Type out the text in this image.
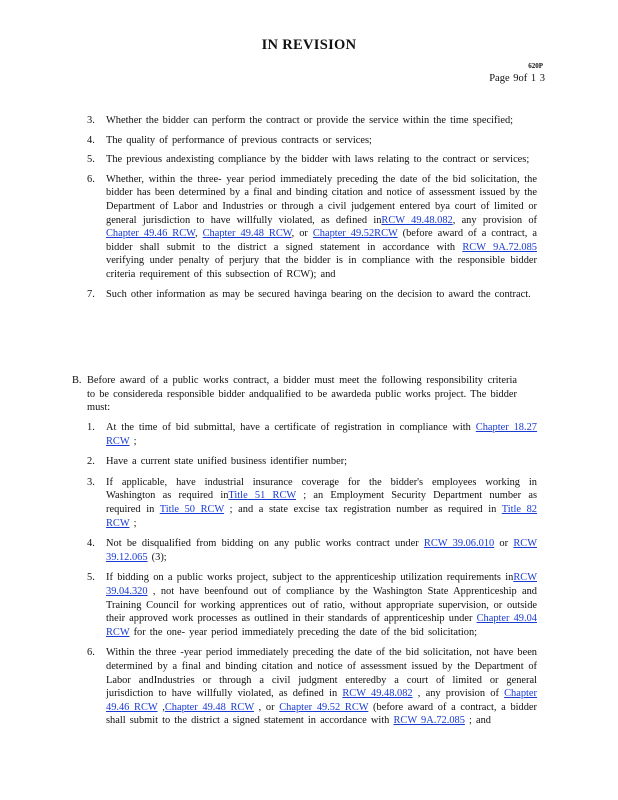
IN REVISION
620P
Page 9of 1 3
3.	Whether the bidder can perform the contract or provide the service within the time specified;
4.	The quality of performance of previous contracts or services;
5.	The previous andexisting compliance by the bidder with laws relating to the contract or services;
6.	Whether, within the three- year period immediately preceding the date of the bid solicitation, the bidder has been determined by a final and binding citation and notice of assessment issued by the Department of Labor and Industries or through a civil judgement entered bya court of limited or general jurisdiction to have willfully violated, as defined inRCW 49.48.082, any provision of Chapter 49.46 RCW, Chapter 49.48 RCW, or Chapter 49.52RCW (before award of a contract, a bidder shall submit to the district a signed statement in accordance with RCW 9A.72.085 verifying under penalty of perjury that the bidder is in compliance with the responsible bidder criteria requirement of this subsection of RCW); and
7.	Such other information as may be secured havinga bearing on the decision to award the contract.
B. Before award of a public works contract, a bidder must meet the following responsibility criteria to be considereda responsible bidder andqualified to be awardeda public works project. The bidder must:
1.	At the time of bid submittal, have a certificate of registration in compliance with Chapter 18.27 RCW ;
2.	Have a current state unified business identifier number;
3.	If applicable, have industrial insurance coverage for the bidder's employees working in Washington as required inTitle 51 RCW ; an Employment Security Department number as required in Title 50 RCW ; and a state excise tax registration number as required in Title 82 RCW ;
4.	Not be disqualified from bidding on any public works contract under RCW 39.06.010 or RCW 39.12.065 (3);
5.	If bidding on a public works project, subject to the apprenticeship utilization requirements inRCW 39.04.320 , not have beenfound out of compliance by the Washington State Apprenticeship and Training Council for working apprentices out of ratio, without appropriate supervision, or outside their approved work processes as outlined in their standards of apprenticeship under Chapter 49.04 RCW for the one- year period immediately preceding the date of the bid solicitation;
6.	Within the three -year period immediately preceding the date of the bid solicitation, not have been determined by a final and binding citation and notice of assessment issued by the Department of Labor andIndustries or through a civil judgment enteredby a court of limited or general jurisdiction to have willfully violated, as defined in RCW 49.48.082 , any provision of Chapter 49.46 RCW ,Chapter 49.48 RCW , or Chapter 49.52 RCW (before award of a contract, a bidder shall submit to the district a signed statement in accordance with RCW 9A.72.085 ; and
